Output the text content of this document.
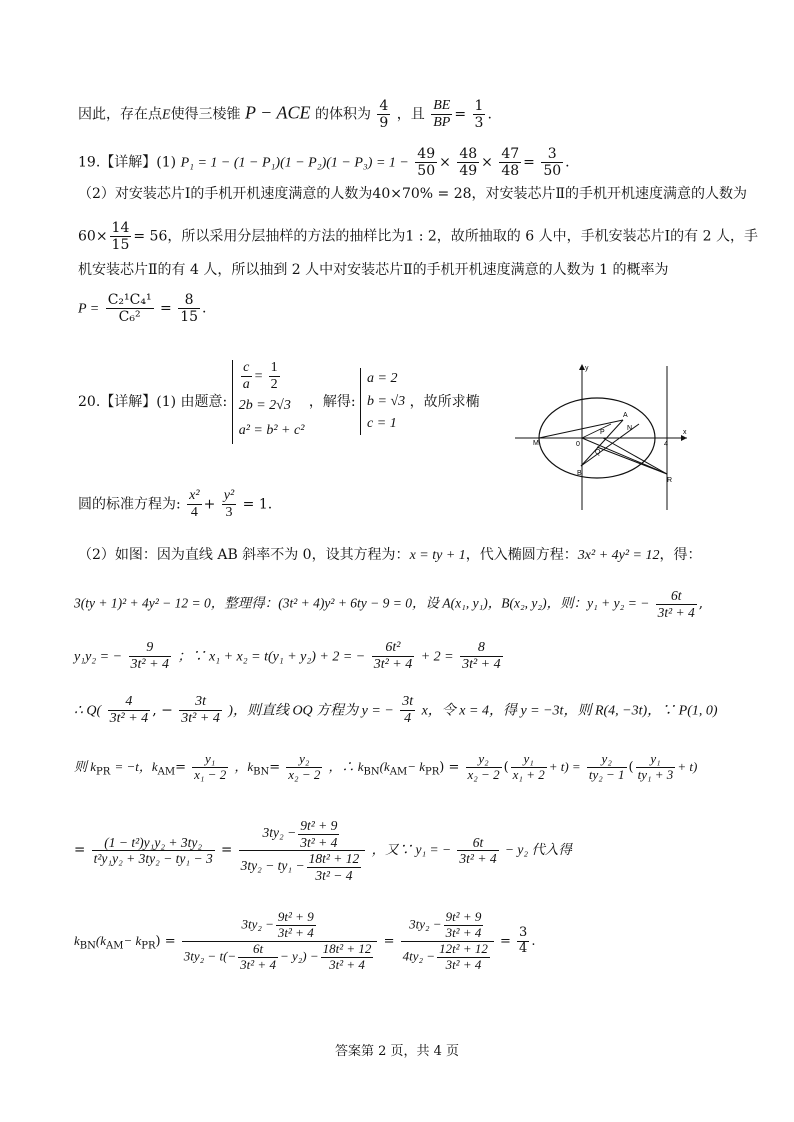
因此，存在点E使得三棱锥 P − ACE 的体积为 $\frac{4}{9}$ ，且 $\frac{BE}{BP} = \frac{1}{3}$ .
19.【详解】(1) $P_1 = 1 - (1 - P_1)(1 - P_2)(1 - P_3) = 1 - \frac{49}{50} \times \frac{48}{49} \times \frac{47}{48} = \frac{3}{50}$ .
（2）对安装芯片Ⅰ的手机开机速度满意的人数为40×70% = 28，对安装芯片Ⅱ的手机开机速度满意的人数为
$60\times \frac{14}{15} = 56$，所以采用分层抽样的方法的抽样比为1 : 2，故所抽取的 6 人中，手机安装芯片Ⅰ的有 2 人，手
机安装芯片Ⅱ的有 4 人，所以抽到 2 人中对安装芯片Ⅱ的手机开机速度满意的人数为 1 的概率为
$P = \frac{\text{C₂¹C₄¹}}{\text{C₆²}} = \frac{8}{15}$ .
20.【详解】(1) 由题意:
$\frac{c}{a} = \frac{1}{2}$
2b = 2√3
a² = b² + c²
，解得:
a = 2
b = √3
c = 1
，故所求椭
y
x
M	0
Q
P
A
N
B
R
4
圆的标准方程为: $\frac{\text{x²}}{4} + \frac{\text{y²}}{3} = 1$.
（2）如图：因为直线 AB 斜率不为 0，设其方程为：x = ty + 1，代入椭圆方程：3x² + 4y² = 12，得：
3(ty + 1)² + 4y² − 12 = 0，整理得：(3t² + 4)y² + 6ty − 9 = 0，设 A(x₁, y₁)，B(x₂, y₂)，则：y₁ + y₂ = − $\frac{6t}{\text{3t² + 4}}$ ,
y₁y₂ = − $\frac{9}{\text{3t² + 4}}$ ；∵ x₁ + x₂ = t(y₁ + y₂) + 2 = − $\frac{\text{6t²}}{\text{3t² + 4}} + 2 = \frac{8}{\text{3t² + 4}}$
∴ $Q( \frac{4}{\text{3t² + 4}}$ , − $\frac{3t}{\text{3t² + 4}}$ )，则直线 OQ 方程为 y = − $\frac{3t}{4}$ x，令 x = 4，得 y = −3t，则 R(4, −3t)，∵ P(1, 0)
则 $k_{PR} = -t$，$k_{AM}= \frac{\text{y₁}}{\text{x₁ − 2}}$ ，$k_{BN}= \frac{\text{y₂}}{\text{x₂ − 2}}$ ，∴ $k_{BN}(k_{AM}- k_{PR}) = \frac{\text{y₂}}{\text{x₂ − 2}}$ ( $\frac{\text{y₁}}{\text{x₁ + 2}} + t) = \frac{\text{y₂}}{\text{ty₂ − 1}}$ ( $\frac{\text{y₁}}{\text{ty₁ + 3}} + t$)
= $\frac{\text{(1 − t²)y₁y₂ + 3ty₂}}{\text{t²y₁y₂ + 3ty₂ − ty₁ − 3}} = \frac{3ty_2 - \frac{\text{9t² + 9}}{\text{3t² + 4}}}{3ty_2 - ty_1 - \frac{\text{18t² + 12}}{\text{3t² − 4}}}$ ，又∵ y₁ = − $\frac{6t}{\text{3t² + 4}} - y_2$ 代入得
$k_{BN}(k_{AM}- k_{PR}) = \frac{3ty_2 - \frac{\text{9t² + 9}}{\text{3t² + 4}}}{3ty_2 - t(- \frac{6t}{\text{3t² + 4}} - y_2) - \frac{\text{18t² + 12}}{\text{3t² + 4}}} = \frac{3ty_2 - \frac{\text{9t² + 9}}{\text{3t² + 4}}}{4ty_2 - \frac{\text{12t² + 12}}{\text{3t² + 4}}} = \frac{3}{4}$ .
答案第 2 页，共 4 页
